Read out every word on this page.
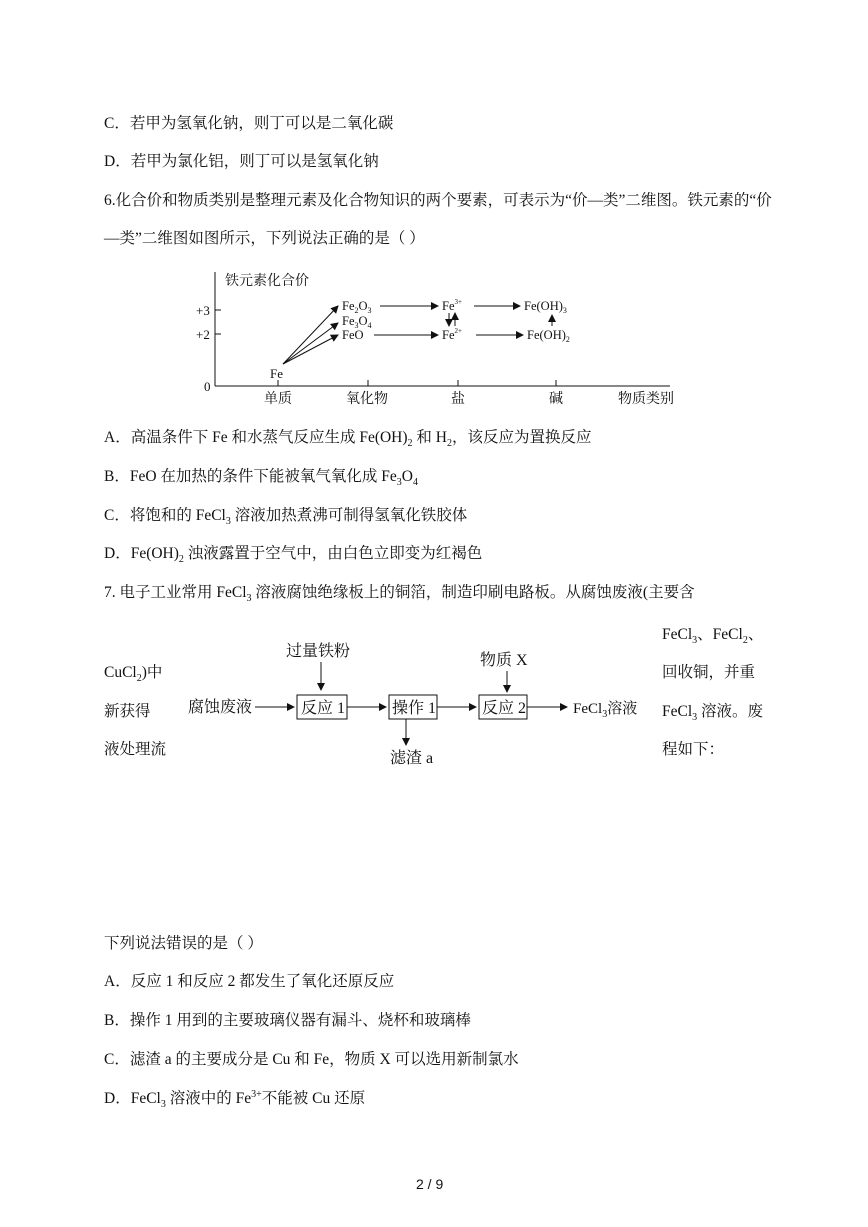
C．若甲为氢氧化钠，则丁可以是二氧化碳
D．若甲为氯化铝，则丁可以是氢氧化钠
6.化合价和物质类别是整理元素及化合物知识的两个要素，可表示为“价—类”二维图。铁元素的“价
—类”二维图如图所示，下列说法正确的是（ ）
铁元素化合价
+3
+2
0
单质	氧化物	盐	碱	物质类别
Fe
$Fe_2O_3$
$Fe_3O_4$
FeO
$Fe^{3+}$
$Fe^{2+}$
$Fe(OH)_3$
$Fe(OH)_2$
A．高温条件下 Fe 和水蒸气反应生成 $Fe(OH)_2$ 和 $H_2$，该反应为置换反应
B．FeO 在加热的条件下能被氧气氧化成 $Fe_3O_4$
C．将饱和的 FeCl$_3$ 溶液加热煮沸可制得氢氧化铁胶体
D．$Fe(OH)_2$ 浊液露置于空气中，由白色立即变为红褐色
7. 电子工业常用 FeCl$_3$ 溶液腐蚀绝缘板上的铜箔，制造印刷电路板。从腐蚀废液(主要含
FeCl$_3$、FeCl$_2$、
回收铜，并重
FeCl$_3$ 溶液。废
程如下：
CuCl$_2$)中
新获得
液处理流
过量铁粉
物质 X
腐蚀废液	反应 1	操作 1
滤渣 a
反应 2	FeCl$_3$溶液
下列说法错误的是（ ）
A．反应 1 和反应 2 都发生了氧化还原反应
B．操作 1 用到的主要玻璃仪器有漏斗、烧杯和玻璃棒
C．滤渣 a 的主要成分是 Cu 和 Fe，物质 X 可以选用新制氯水
D．FeCl$_3$ 溶液中的 $Fe^{3+}$不能被 Cu 还原
2 / 9
